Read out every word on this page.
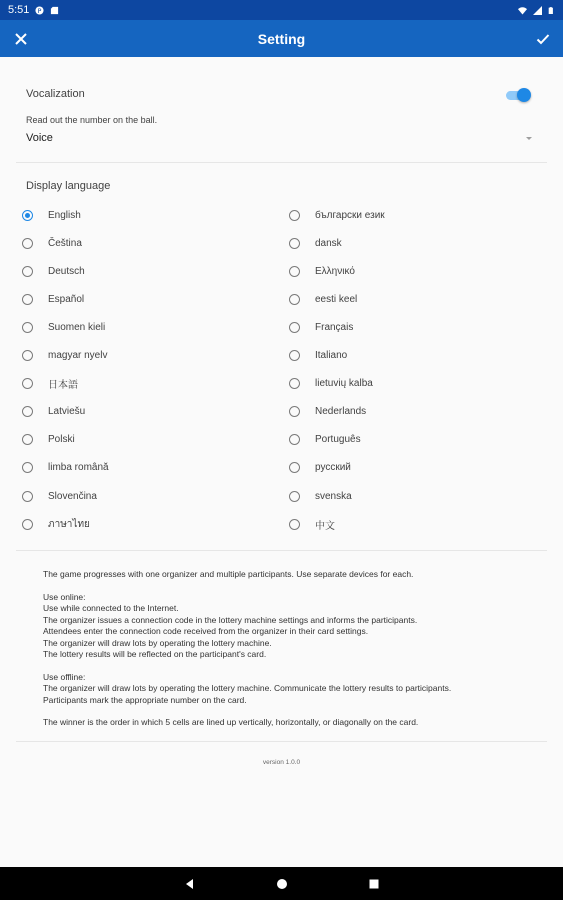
5:51 P
Setting
Vocalization
Read out the number on the ball.
Voice
Display language
English	български език
Čeština	dansk
Deutsch	Ελληνικό
Español	eesti keel
Suomen kieli	Français
magyar nyelv	Italiano
日本語	lietuvių kalba
Latviešu	Nederlands
Polski	Português
limba română	русский
Slovenčina	svenska
ภาษาไทย	中文

The game progresses with one organizer and multiple participants. Use separate devices for each.

Use online:

Use while connected to the Internet.

The organizer issues a connection code in the lottery machine settings and informs the participants.

Attendees enter the connection code received from the organizer in their card settings.

The organizer will draw lots by operating the lottery machine.

The lottery results will be reflected on the participant's card.

Use offline:

The organizer will draw lots by operating the lottery machine. Communicate the lottery results to participants.

Participants mark the appropriate number on the card.

The winner is the order in which 5 cells are lined up vertically, horizontally, or diagonally on the card.

version 1.0.0
